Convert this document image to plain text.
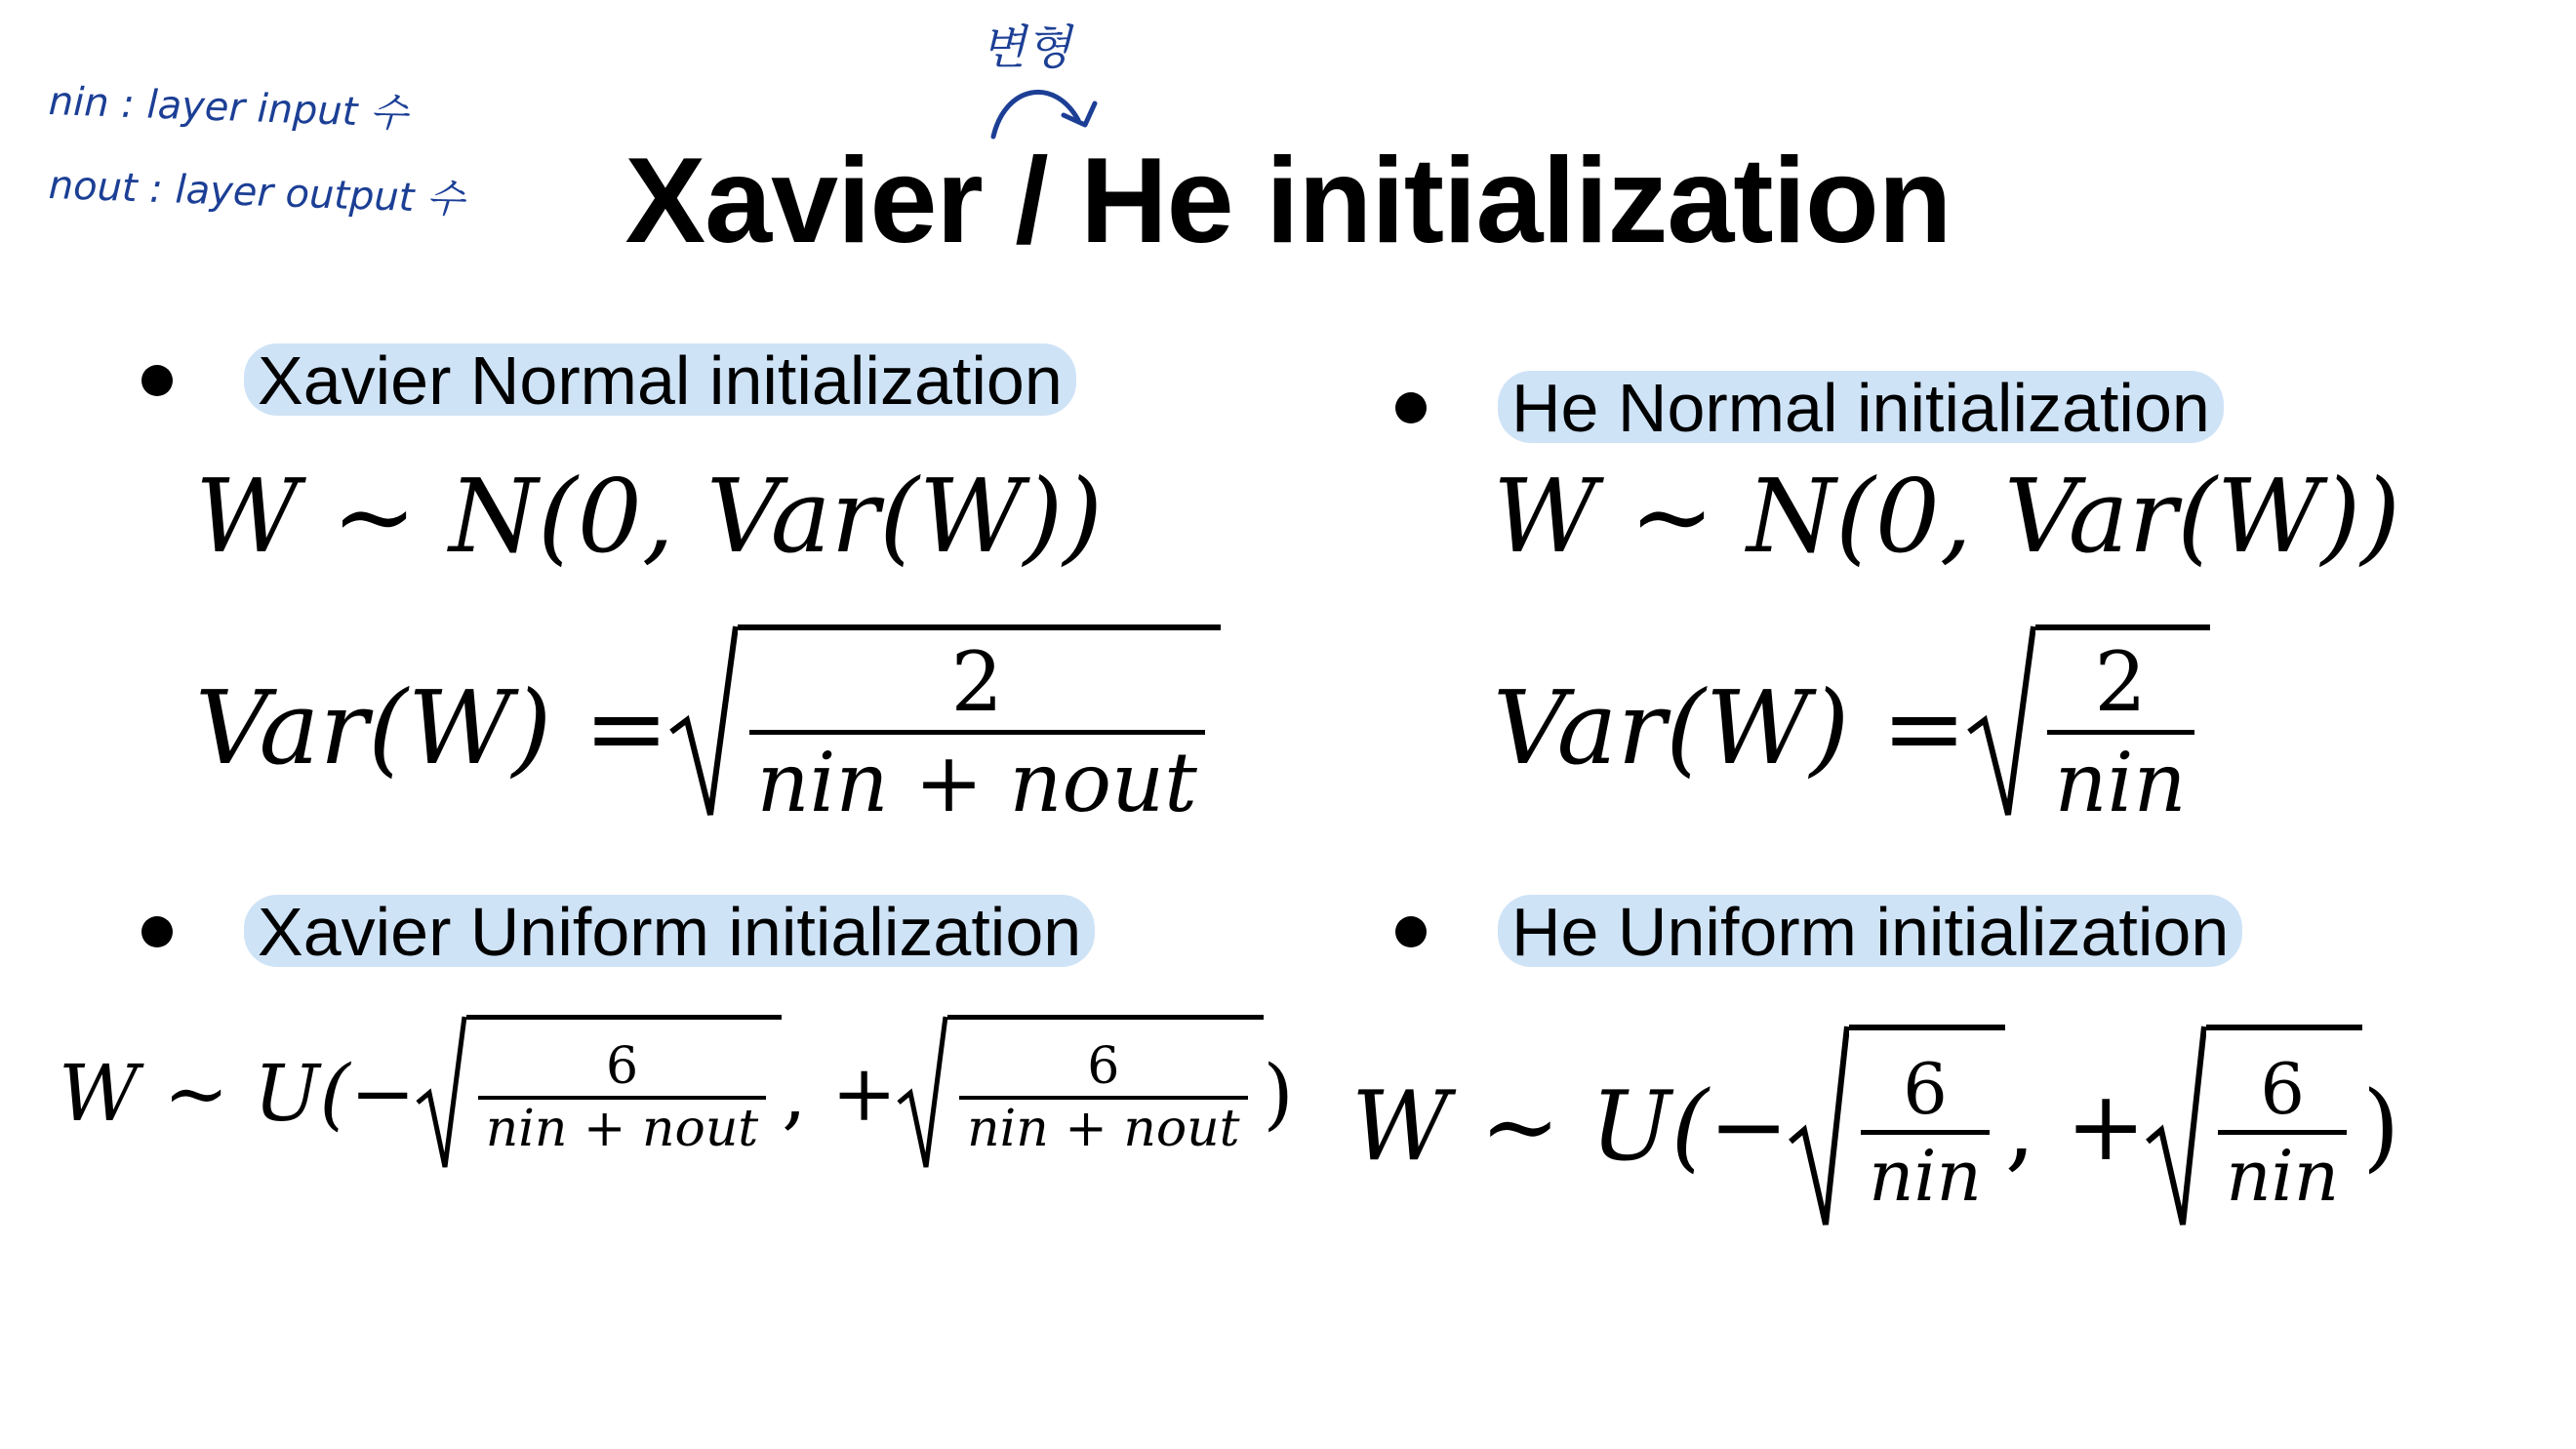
nin : layer input 수
nout : layer output 수
변형
Xavier / He initialization
Xavier Normal initialization
W
∼ N(0, Var(W))
Var(W) =	2
nin + nout
He Normal initialization
W
∼ N(0, Var(W))
Var(W) = 2
nin
Xavier Uniform initialization
W ∼ $U(- \frac{6}{\text{nin + nout}}$ , + $\frac{6}{\text{nin + nout}}$ )
He Uniform initialization
W ∼ U(− 6
nin , + 6
nin )
